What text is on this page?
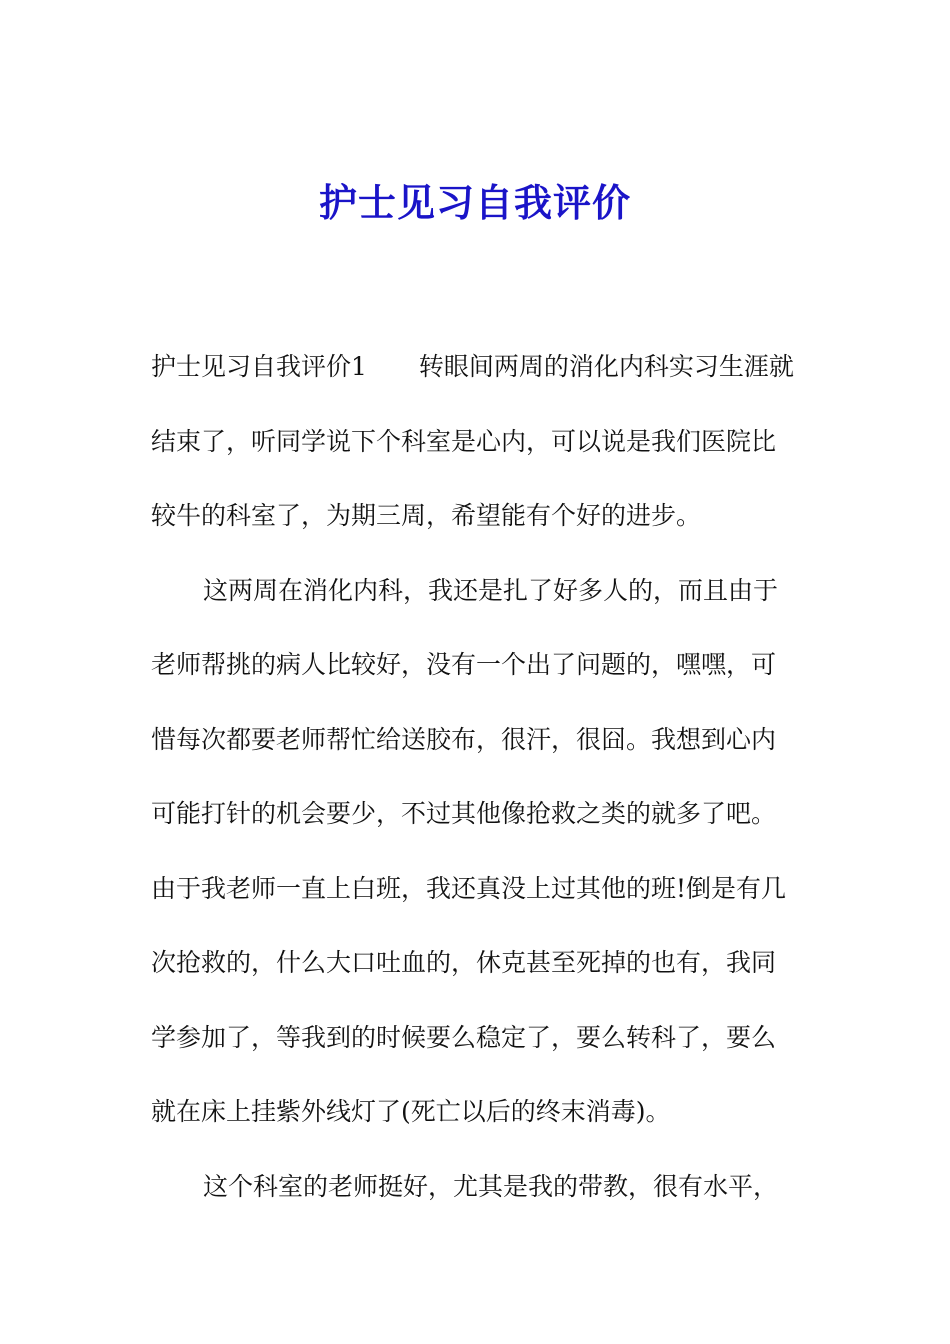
护士见习自我评价
护士见习自我评价1 转眼间两周的消化内科实习生涯就
结束了，听同学说下个科室是心内，可以说是我们医院比
较牛的科室了，为期三周，希望能有个好的进步。
这两周在消化内科，我还是扎了好多人的，而且由于
老师帮挑的病人比较好，没有一个出了问题的，嘿嘿，可
惜每次都要老师帮忙给送胶布，很汗，很囧。我想到心内
可能打针的机会要少，不过其他像抢救之类的就多了吧。
由于我老师一直上白班，我还真没上过其他的班!倒是有几
次抢救的，什么大口吐血的，休克甚至死掉的也有，我同
学参加了，等我到的时候要么稳定了，要么转科了，要么
就在床上挂紫外线灯了(死亡以后的终末消毒)。
这个科室的老师挺好，尤其是我的带教，很有水平，
